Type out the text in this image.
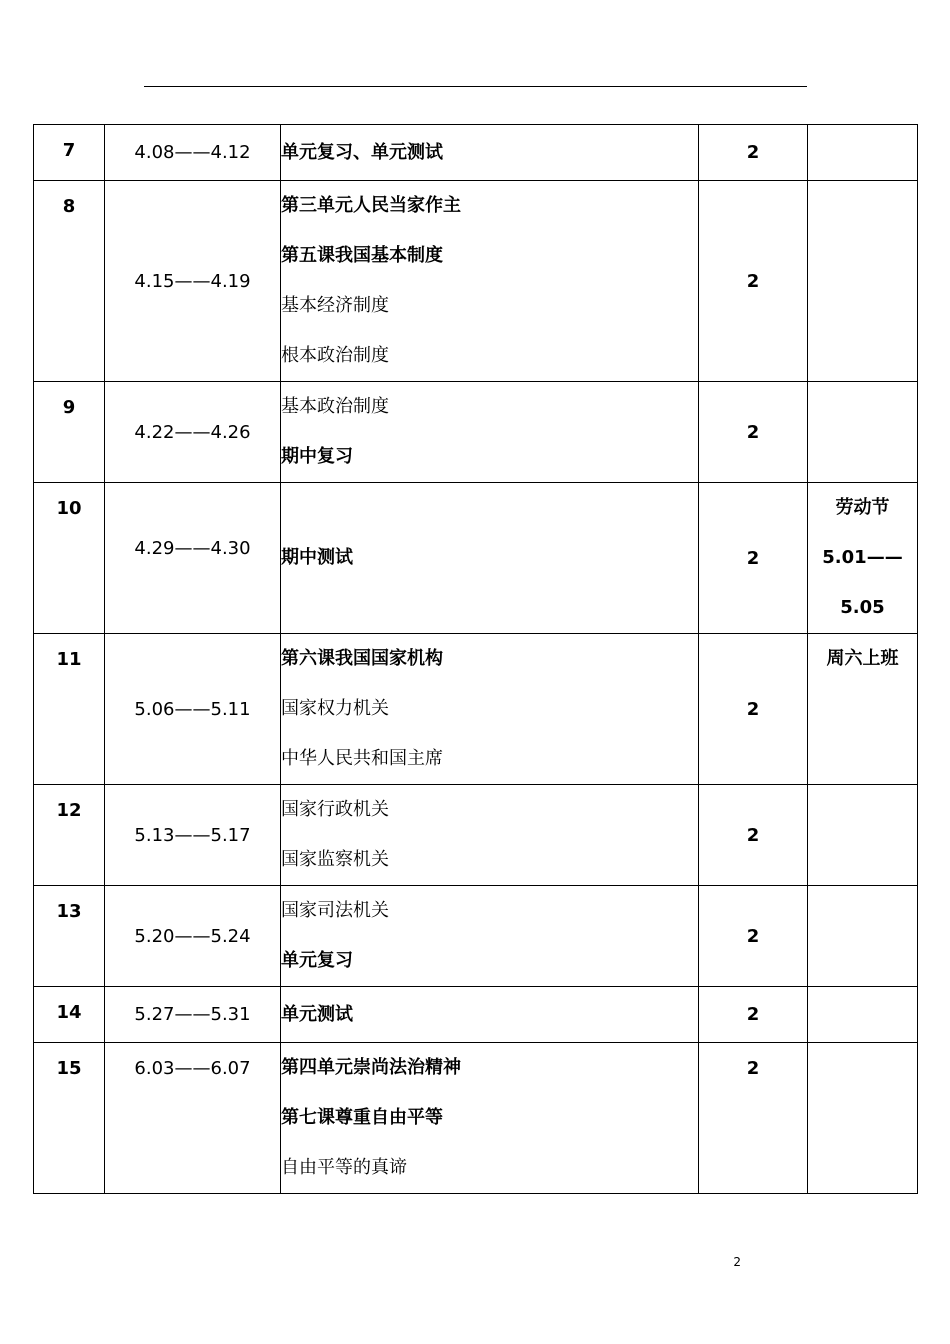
7	4.08——4.12	单元复习、单元测试	2	

8	4.15——4.19	第三单元人民当家作主
第五课我国基本制度
基本经济制度
根本政治制度	2	

9	4.22——4.26	基本政治制度
期中复习	2	

10	4.29——4.30	期中测试	2	劳动节
5.01——
5.05

11	5.06——5.11	第六课我国国家机构
国家权力机关
中华人民共和国主席	2	周六上班

12	5.13——5.17	国家行政机关
国家监察机关	2	

13	5.20——5.24	国家司法机关
单元复习	2	

14	5.27——5.31	单元测试	2	

15	6.03——6.07	第四单元崇尚法治精神
第七课尊重自由平等
自由平等的真谛	2	

2
